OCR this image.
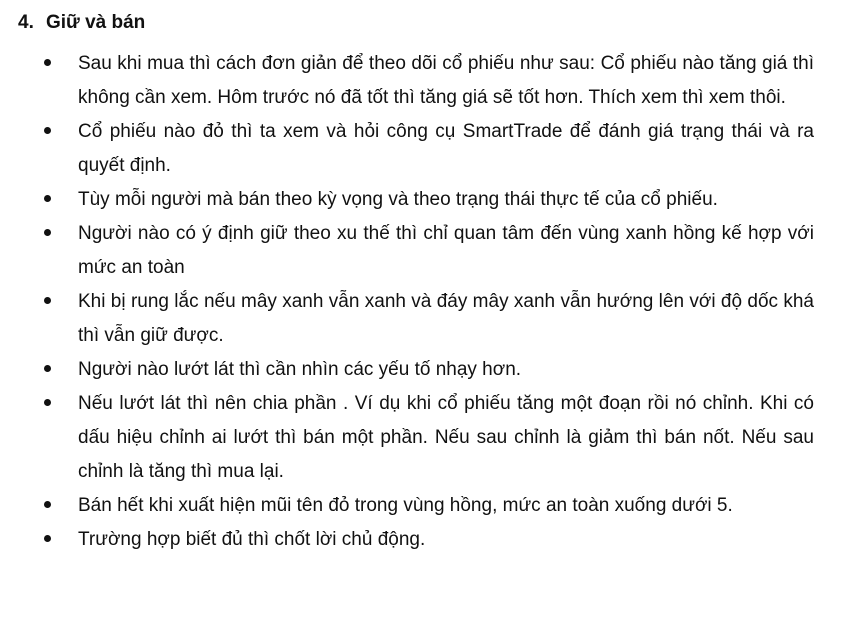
4. Giữ và bán
Sau khi mua thì cách đơn giản để theo dõi cổ phiếu như sau: Cổ phiếu nào tăng giá thì không cần xem. Hôm trước nó đã tốt thì tăng giá sẽ tốt hơn. Thích xem thì xem thôi.
Cổ phiếu nào đỏ thì ta xem và hỏi công cụ SmartTrade để đánh giá trạng thái và ra quyết định.
Tùy mỗi người mà bán theo kỳ vọng và theo trạng thái thực tế của cổ phiếu.
Người nào có ý định giữ theo xu thế thì chỉ quan tâm đến vùng xanh hồng kế hợp với mức an toàn
Khi bị rung lắc nếu mây xanh vẫn xanh và đáy mây xanh vẫn hướng lên với độ dốc khá thì vẫn giữ được.
Người nào lướt lát thì cần nhìn các yếu tố nhạy hơn.
Nếu lướt lát thì nên chia phần . Ví dụ khi cổ phiếu tăng một đoạn rồi nó chỉnh. Khi có dấu hiệu chỉnh ai lướt thì bán một phần. Nếu sau chỉnh là giảm thì bán nốt. Nếu sau chỉnh là tăng thì mua lại.
Bán hết khi xuất hiện mũi tên đỏ trong vùng hồng, mức an toàn xuống dưới 5.
Trường hợp biết đủ thì chốt lời chủ động.
